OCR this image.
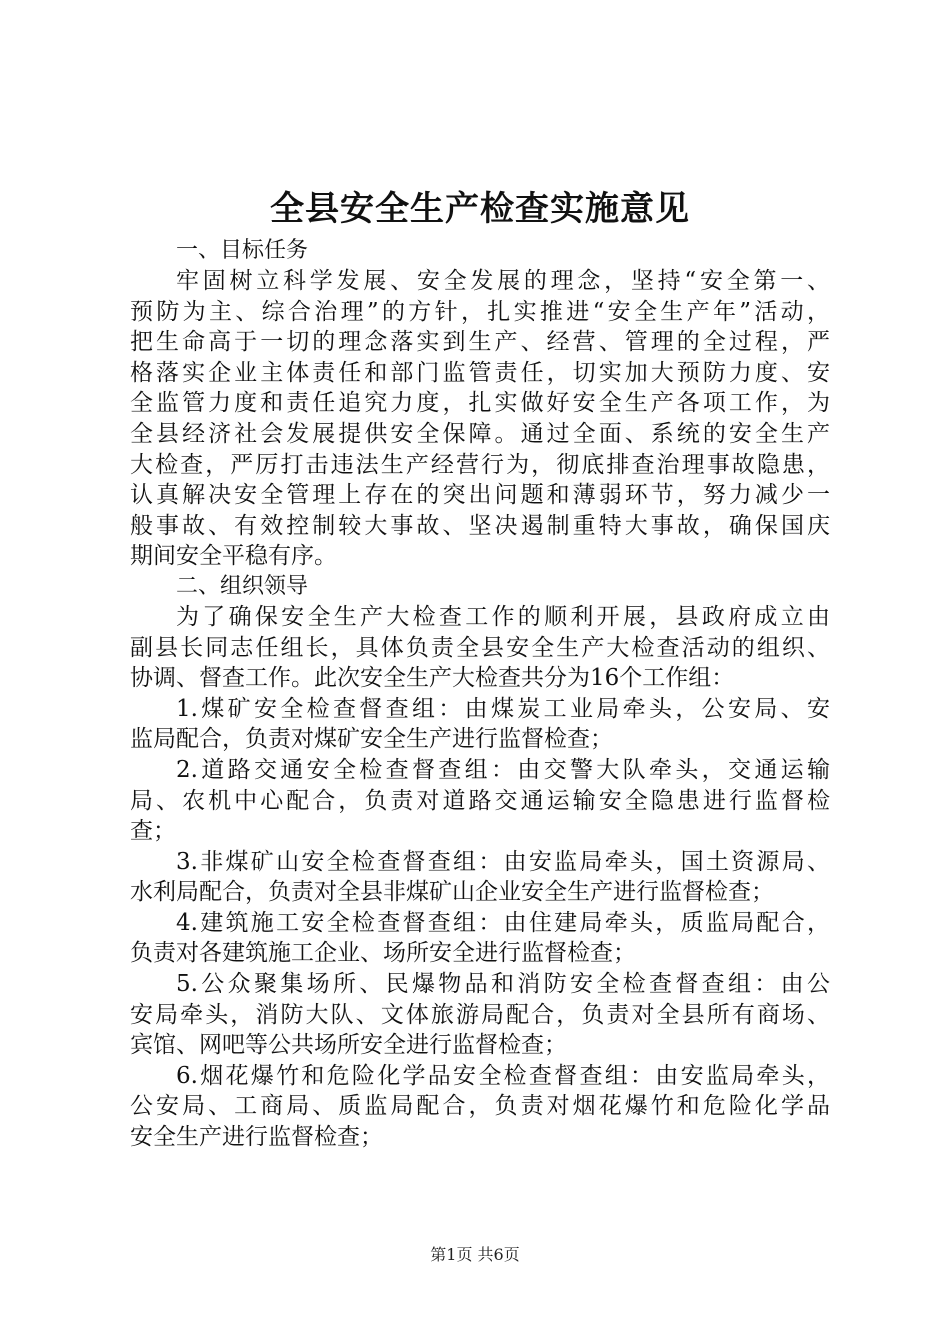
全县安全生产检查实施意见
一、目标任务
牢固树立科学发展、安全发展的理念，坚持“安全第一、
预防为主、综合治理”的方针，扎实推进“安全生产年”活动，
把生命高于一切的理念落实到生产、经营、管理的全过程，严
格落实企业主体责任和部门监管责任，切实加大预防力度、安
全监管力度和责任追究力度，扎实做好安全生产各项工作，为
全县经济社会发展提供安全保障。通过全面、系统的安全生产
大检查，严厉打击违法生产经营行为，彻底排查治理事故隐患，
认真解决安全管理上存在的突出问题和薄弱环节，努力减少一
般事故、有效控制较大事故、坚决遏制重特大事故，确保国庆
期间安全平稳有序。
二、组织领导
为了确保安全生产大检查工作的顺利开展，县政府成立由
副县长同志任组长，具体负责全县安全生产大检查活动的组织、
协调、督查工作。此次安全生产大检查共分为16个工作组：
1.煤矿安全检查督查组：由煤炭工业局牵头，公安局、安
监局配合，负责对煤矿安全生产进行监督检查；
2.道路交通安全检查督查组：由交警大队牵头，交通运输
局、农机中心配合，负责对道路交通运输安全隐患进行监督检
查；
3.非煤矿山安全检查督查组：由安监局牵头，国土资源局、
水利局配合，负责对全县非煤矿山企业安全生产进行监督检查；
4.建筑施工安全检查督查组：由住建局牵头，质监局配合，
负责对各建筑施工企业、场所安全进行监督检查；
5.公众聚集场所、民爆物品和消防安全检查督查组：由公
安局牵头，消防大队、文体旅游局配合，负责对全县所有商场、
宾馆、网吧等公共场所安全进行监督检查；
6.烟花爆竹和危险化学品安全检查督查组：由安监局牵头，
公安局、工商局、质监局配合，负责对烟花爆竹和危险化学品
安全生产进行监督检查；
第1页 共6页
